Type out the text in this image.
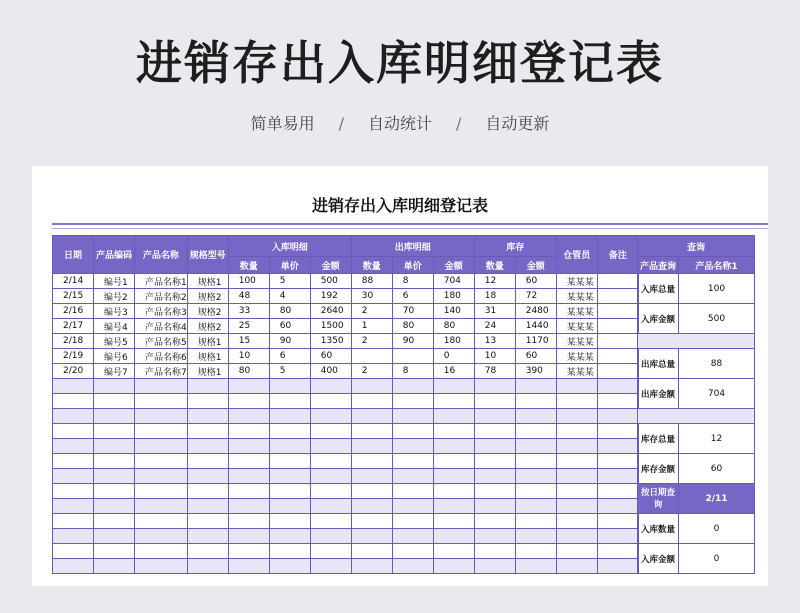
进销存出入库明细登记表
简单易用 / 自动统计 / 自动更新
进销存出入库明细登记表
日期	产品编码	产品名称	规格型号	入库明细			出库明细			库存		仓管员	备注
				数量	单价	金额	数量	单价	金额	数量	金额		
2/14	编号1	产品名称1	规格1	100	5	500	88	8	704	12	60	某某某	
2/15	编号2	产品名称2	规格2	48	4	192	30	6	180	18	72	某某某	
2/16	编号3	产品名称3	规格2	33	80	2640	2	70	140	31	2480	某某某	
2/17	编号4	产品名称4	规格2	25	60	1500	1	80	80	24	1440	某某某	
2/18	编号5	产品名称5	规格1	15	90	1350	2	90	180	13	1170	某某某	
2/19	编号6	产品名称6	规格1	10	6	60			0	10	60	某某某	
2/20	编号7	产品名称7	规格1	80	5	400	2	8	16	78	390	某某某	

查询	
产品查询	产品名称1
入库总量	100
入库金额	500

出库总量	88
出库金额	704

库存总量	12
库存金额	60
按日期查询	2/11
入库数量	0
入库金额	0
